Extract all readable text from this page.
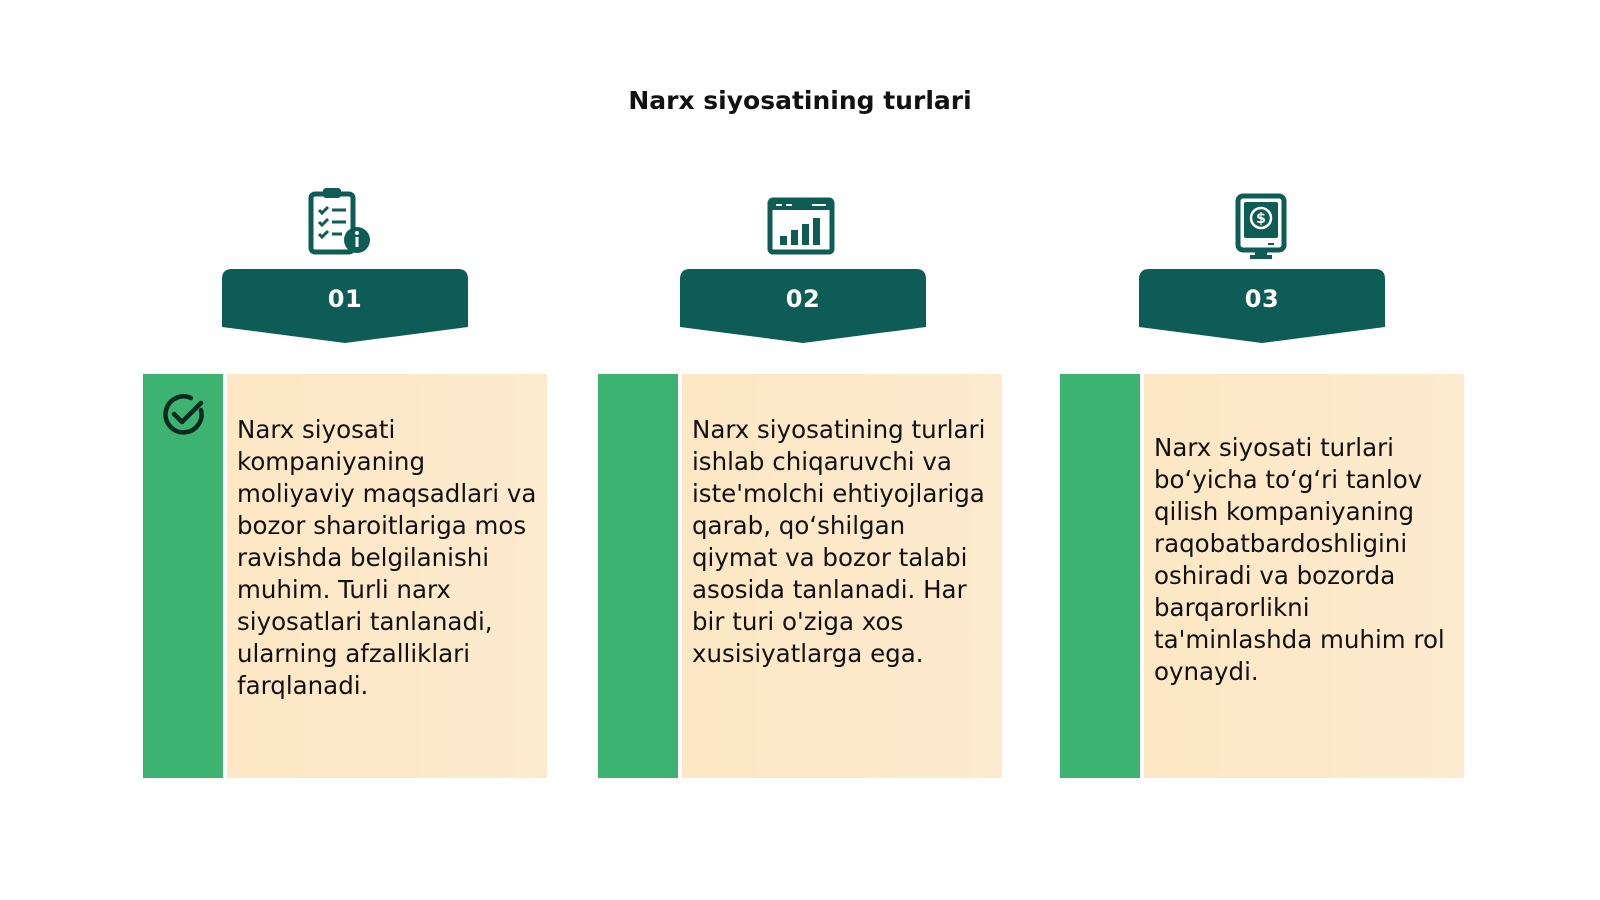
Narx siyosatining turlari
01
Narx siyosati kompaniyaning moliyaviy maqsadlari va bozor sharoitlariga mos ravishda belgilanishi muhim. Turli narx siyosatlari tanlanadi, ularning afzalliklari farqlanadi.
02
Narx siyosatining turlari ishlab chiqaruvchi va iste'molchi ehtiyojlariga qarab, qo‘shilgan qiymat va bozor talabi asosida tanlanadi. Har bir turi o'ziga xos xusisiyatlarga ega.
$
03
Narx siyosati turlari bo‘yicha to‘g‘ri tanlov qilish kompaniyaning raqobatbardoshligini oshiradi va bozorda barqarorlikni ta'minlashda muhim rol oynaydi.
